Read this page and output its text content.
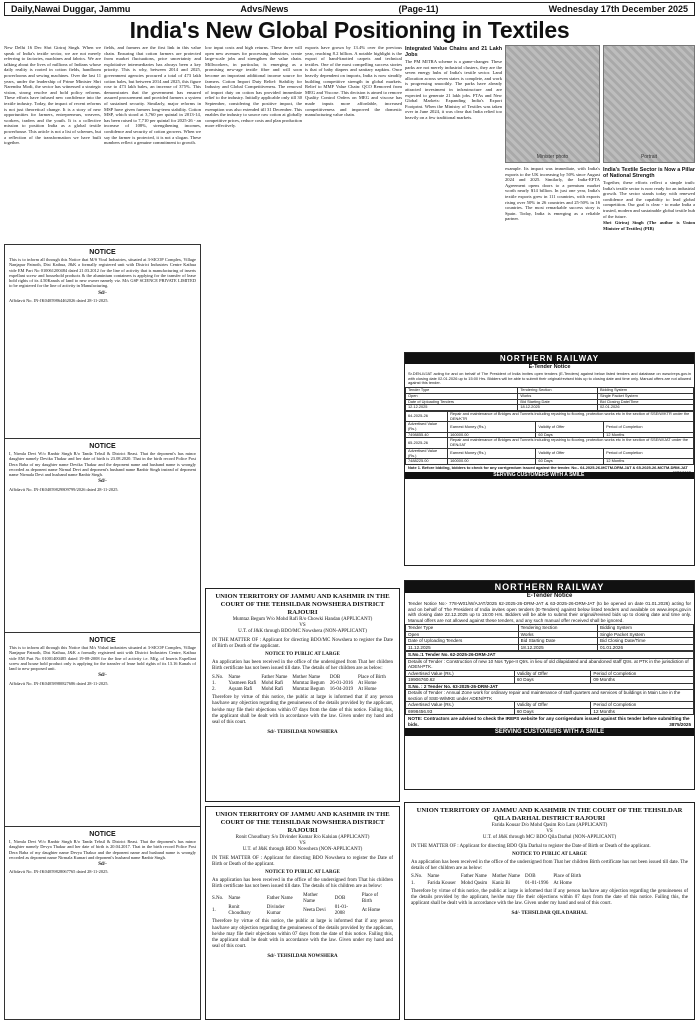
Daily,Nawai Duggar, Jammu	Advs/News	(Page-11)	Wednesday 17th December 2025
India's New Global Positioning in Textiles

New Delhi 16 Dec Shri Giriraj Singh. When we speak of India's textile sector, we are not merely referring to factories, machines and fabrics. We are talking about the lives of millions of Indians whose daily reality is rooted in cotton fields, handloom powerlooms and sewing machines. Over the last 11 years, under the leadership of Prime Minister Shri Narendra Modi, the sector has witnessed a strategic vision, strong resolve and bold policy reforms. These efforts have infused new confidence into the textile industry. Today, the impact of recent reforms is not just theoretical change. It is a story of new opportunities for farmers, entrepreneurs, weavers, workers, traders and the youth. It is a collective mission to position India as a global textile powerhouse. This article is not a list of schemes, but a reflection of the transformation we have built together.

fields, and farmers are the first link in this value chain. Ensuring that cotton farmers are protected from market fluctuations, price uncertainty and exploitative intermediaries has always been a key priority. This is why, between 2014 and 2025, government agencies procured a total of 473 lakh cotton bales, but between 2014 and 2025, this figure rose to 473 lakh bales, an increase of 375%. This demonstrates that the government has ensured assured procurement and provided farmers a system of sustained security. Similarly, major reforms in MSP have given farmers long-term stability. Cotton MSP, which stood at 3,760 per quintal in 2013-14, has been raised to 7,710 per quintal for 2025-26 - an increase of 108%, strengthening incomes, confidence and security of cotton growers. When we say the farmer is protected, it is not a slogan. These numbers reflect a genuine commitment to growth.

low input costs and high returns. These three will open new avenues for processing industries, create large-scale jobs and strengthen the value chain. Millworkers, in particular, is emerging as a promising new-age textile fibre and will soon become an important additional income source for farmers. Cotton Import Duty Relief: Stability for Industry and Global Competitiveness. The removal of import duty on cotton has provided immediate relief to the industry. Initially applicable only till 30 September, considering the positive impact, the exemption was also extended till 31 December. This enables the industry to source raw cotton at globally competitive prices, reduce costs and plan production more effectively.

exports have grown by 13.4% over the previous year, reaching 8.2 billion. A notable highlight is the export of hand-knotted carpets and technical textiles. One of the most compelling success stories is that of baby diapers and sanitary napkins. Once heavily dependent on imports, India is now steadily building competitive strength in global markets. Relief to MMF Value Chain: QCO Removed from MEG and Viscose. This decision is aimed to remove Quality Control Orders on MEG and viscose has made inputs more affordable, increased competitiveness and improved the domestic manufacturing value chain.

Integrated Value Chains and 21 Lakh Jobs

The PM MITRA scheme is a game-changer. These parks are not merely industrial clusters, they are the seven energy hubs of India's textile sector. Land allocation across seven states is complete, and work is progressing smoothly. The parks have already attracted investment in infrastructure and are expected to generate 21 lakh jobs. FTAs and New Global Markets: Expanding India's Export Footprint. When the Ministry of Textiles was taken over in June 2024, it was clear that India relied too heavily on a few traditional markets.

Minister photo	Portrait

example. Its impact was immediate, with India's exports to the UK increasing by 50% since August 2024 and 2025. Similarly, the India-EFTA Agreement opens doors to a premium market worth nearly $14 billion. In just one year, India's textile exports grew in 111 countries, with exports rising over 50% in 26 countries and 25-50% in 16 countries. The most remarkable success story is Spain. Today, India is emerging as a reliable partner.

India's Textile Sector is Now a Pillar of National Strength

Together, these efforts reflect a simple truth: India's textile sector is now ready for an industrial growth. The sector stands today with renewed confidence and the capability to lead global competition. Our goal is clear - to make India a trusted, modern and sustainable global textile hub of the future.

Shri Giriraj Singh (The author is Union Minister of Textiles) (PIB)

NOTICE

This is to inform all through this Notice that M/S Viral Industries, situated at 3-SICOP Complex, Village Nanjapur Patnoth, Dist Kathua, J&K a formally registered unit with District Industries Centre Kathua vide EM Part No 010061200484 dated 21.03.2012 for the line of activity that is manufacturing of inserts expellant screw and household products & the aluminium containers is applying for the transfer of lease hold rights of its 4.50Kanals of land to new owner namely viz. M/s GSP SCIENCE PRIVATE LIMITED to be registered for the line of activity in Manufacturing.

Sd/-

Affidavit No. IN-JK04059864462026 dated 28-11-2025.

NOTICE

I, Nirmla Devi W/o Ranbir Singh R/o Tanda Tehsil & District Reasi. That the deponent's has minor daughter namely Devika Thakur and her date of birth is 23.08.2020. That in the birth record Police Post Dera Baba of my daughter name Devika Thakur and the deponent name and husband name is wrongly recorded as deponent name Nirmal Devi and deponent's husband name Ranbir Singh instead of deponent name Nirmala Devi and husband name Ranbir Singh.

Sd/-

Affidavit No. IN-JK04059829809799/2026 dated 28-11-2025.

NOTICE

This is to inform all through this Notice that M/s Vishal industries situated at 3-SICOP Complex, Village Nanjapur Patnoth, Dist Kathua, J&K a formally registered unit with District Industries Centre, Kathua vide EM Part No 01001400485 dated 19-08-2008 for the line of activity i.e. Mfg. of Inserts Expellant screw and house hold product only is applying for the transfer of lease hold rights of its 13.16 Kanals of land to new proposed unit.

Sd/-

Affidavit No. IN-JK04058980827686 dated 28-11-2025.

NOTICE

I, Nirmla Devi W/o Ranbir Singh R/o Tanda Tehsil & District Reasi. That the deponent's has minor daughter namely Devya Thakur and her date of birth is 20.04.2017. That in the birth record Police Post Dera Baba of my daughter name Devya Thakur and the deponent name and husband name is wrongly recorded as deponent name Nirmala Kumari and deponent's husband name Ranbir Singh.

Sd/-

Affidavit No. IN-JK04059828067765 dated 28-11-2025.

NORTHERN RAILWAY
E-Tender Notice
Sr.DEN-II/JAT acting for and on behalf of The President of India invites open tenders (E-Tenders) against below listed tenders and database on www.ireps.gov.in with closing date 02.01.2026 up to 15:00 Hrs. Bidders will be able to submit their original/revised bids up to closing date and time only. Manual offers are not allowed against this tender.
Tender Type	Tendering Section	Bidding System
Open	Works	Single Packet System
Date of Uploading Tenders	Bid Starting Date	Bid Closing Date/Time
12.12.2025	18.12.2025	02.01.2026
64-2025-26	Repair and maintenance of Bridges and Tunnels including repairing to flooring, protection works etc in the section of SSE/W/KTR under the DEN/KTR		
Advertised Value (Rs.)	Earnest Money (Rs.)	Validity of Offer	Period of Completion
7498855.40	160000.00	60 Days	12 Months
65-2025-26	Repair and maintenance of Bridges and Tunnels including repairing to flooring, protection works etc in the section of SSE/W/JAT under the DEN/JAT		
Advertised Value (Rs.)	Earnest Money (Rs.)	Validity of Offer	Period of Completion
7488225.00	160000.00	60 Days	12 Months
Note 1. Before bidding, bidders to check for any corrigendum issued against the tender. No.- 64-2025-26-MCTM-DRM-JAT & 65-2025-26-MCTM-DRM-JAT
3876/2025
SERVING CUSTOMERS WITH A SMILE
NORTHERN RAILWAY
E-Tender Notice
Tender Notice No:- 778-W01/W/AJAT/2025 62-2025-26-DRM-JAT & 63-2025-26-DRM-JAT (to be opened on date 01.01.2026) acting for and on behalf of The President of India invites open tenders (E-Tenders) against below listed tenders and available on www.ireps.gov.in with closing date 22.12.2025 up to 15:00 Hrs. Bidders will be able to submit their original/revised bids up to closing date and time only. Manual offers are not allowed against these tenders, and any such manual offer received shall be ignored.
Tender Type	Tendering Section	Bidding System
Open	Works	Single Packet System
Date of Uploading Tenders	Bid Starting Date	Bid Closing Date/Time
11.12.2025	18.12.2025	01.01.2026
S.No.:1 Tender No. 62-2025-26-DRM-JAT		
Details of Tender : Construction of new 10 Nos Type-II Qtrs. in lieu of old dilapidated and abandoned staff Qtrs. at PTK in the jurisdiction of ADEN-PTK.		
Advertised Value (Rs.)	Validity of Offer	Period of Completion
19906760.62	60 Days	09 Months
S.No. : 2 Tender No. 63-2025-26-DRM-JAT		
Details of Tender : Annual Zone work for ordinary repair and maintenance of staff quarters and services of buildings in Main Line in the section of SSE-W/MKE under ADEN/PTK		
Advertised Value (Rs.)	Validity of Offer	Period of Completion
6998456.93	60 Days	12 Months
NOTE: Contractors are advised to check the IREPS website for any corrigendum issued against this tender before submitting the bids.	3875/2025
SERVING CUSTOMERS WITH A SMILE
UNION TERRITORY OF JAMMU AND KASHMIR IN THE COURT OF THE TEHSILDAR NOWSHERA DISTRICT RAJOURI
Mumtaz Begum W/o Mohd Rafi R/o Chowki Handan (APPLICANT)
VS
U.T. of J&K through BDO/MC Nowshera (NON-APPLICANT)
IN THE MATTER OF : Applicant for directing BDO/MC Nowshera to register the Date of Birth or Death of the applicant.
NOTICE TO PUBLIC AT LARGE
An application has been received in the office of the undersigned from That her children Birth certificate has not been issued till date. The details of her children are as below:
S.No.	Name	Father Name	Mother Name	DOB	Place of Birth
1.	Yasmeen Rafi	Mohd Rafi	Mumtaz Begum	26-01-2016	At Home
2.	Aqsam Rafi	Mohd Rafi	Mumtaz Begum	16-04-2019	At Home
Therefore by virtue of this notice, the public at large is informed that if any person has/have any objection regarding the genuineness of the details provided by the applicant, he/she may file their objections within 07 days from the date of this notice. Failing this, the applicant shall be dealt with in accordance with the law. Given under my hand and seal of this court.
Sd/- TEHSILDAR NOWSHERA
UNION TERRITORY OF JAMMU AND KASHMIR IN THE COURT OF THE TEHSILDAR NOWSHERA DISTRICT RAJOURI
Ronit Choudhary S/o Divinder Kumar R/o Kalsian (APPLICANT)
VS
U.T. of J&K through BDO Nowshera (NON-APPLICANT)
IN THE MATTER OF : Applicant for directing BDO Nowshera to register the Date of Birth or Death of the applicant.
NOTICE TO PUBLIC AT LARGE
An application has been received in the office of the undersigned from That his children Birth certificate has not been issued till date. The details of his children are as below:
S.No.	Name	Father Name	Mother Name	DOB	Place of Birth
1.	Ronit Choudhary	Divinder Kumar	Neeta Devi	01-01-2008	At Home
Therefore by virtue of this notice, the public at large is informed that if any person has/have any objection regarding the genuineness of the details provided by the applicant, he/she may file their objections within 07 days from the date of this notice. Failing this, the applicant shall be dealt with in accordance with the law. Given under my hand and seal of this court.
Sd/- TEHSILDAR NOWSHERA
UNION TERRITORY OF JAMMU AND KASHMIR IN THE COURT OF THE TEHSILDAR QILA DARHAL DISTRICT RAJOURI
Farida Kousar D/o Mohd Qasim R/o Lam (APPLICANT)
VS
U.T. of J&K through MC/ BDO Qila Darhal (NON-APPLICANT)
IN THE MATTER OF : Applicant for directing BDO Qila Darhal to register the Date of Birth or Death of the applicant.
NOTICE TO PUBLIC AT LARGE
An application has been received in the office of the undersigned from That her children Birth certificate has not been issued till date. The details of her children are as below:
S.No.	Name	Father Name	Mother Name	DOB	Place of Birth
1.	Farida Kouser	Mohd Qasim	Kaniz Bi	01-01-1996	At Home
Therefore by virtue of this notice, the public at large is informed that if any person has/have any objection regarding the genuineness of the details provided by the applicant, he/she may file their objections within 07 days from the date of this notice. Failing this, the applicant shall be dealt with in accordance with the law. Given under my hand and seal of this court.
Sd/- TEHSILDAR QILA DARHAL
